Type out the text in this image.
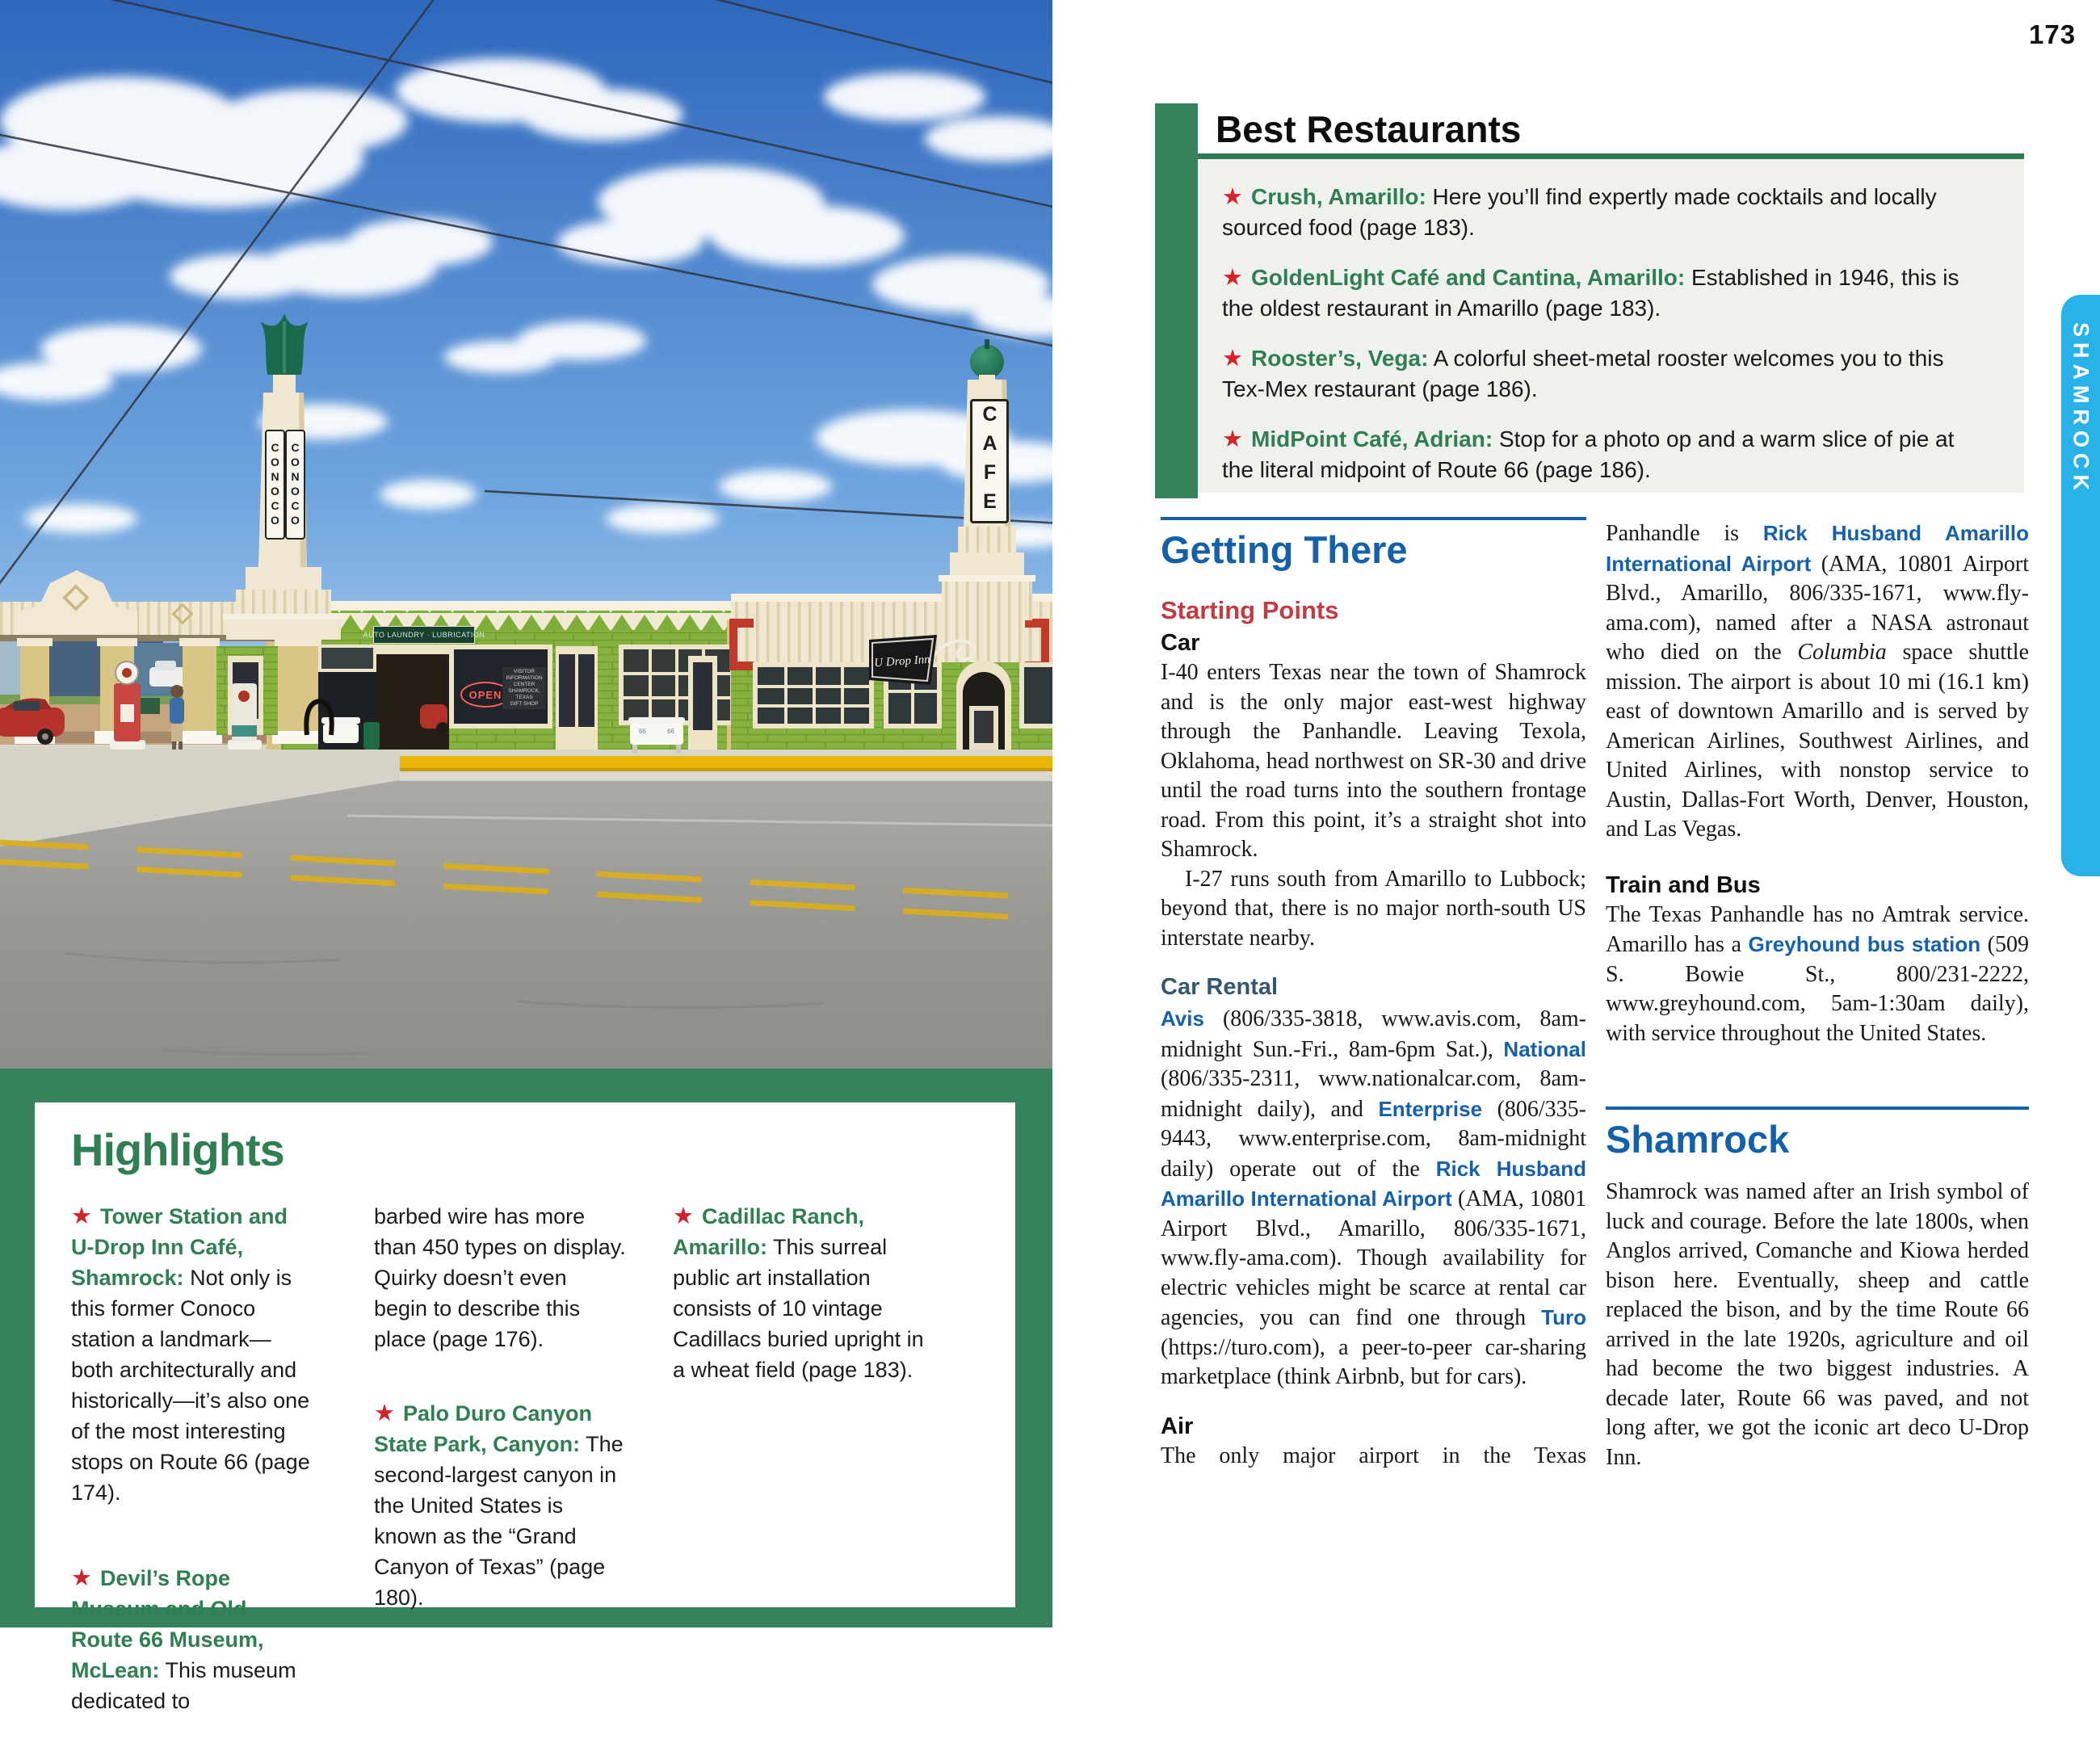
CONOCO CONOCO	CAFE
U Drop Inn
OPEN
AUTO LAUNDRY · LUBRICATION
VISITOR
INFORMATION CENTER
SHAMROCK, TEXAS
GIFT SHOP
66	66
Highlights

★ Tower Station and U-Drop Inn Café, Shamrock: Not only is this former Conoco station a landmark—both architecturally and historically—it’s also one of the most interesting stops on Route 66 (page 174).

★ Devil’s Rope Museum and Old Route 66 Museum, McLean: This museum dedicated to

barbed wire has more than 450 types on display. Quirky doesn’t even begin to describe this place (page 176).

★ Palo Duro Canyon State Park, Canyon: The second-largest canyon in the United States is known as the “Grand Canyon of Texas” (page 180).

★ Cadillac Ranch, Amarillo: This surreal public art installation consists of 10 vintage Cadillacs buried upright in a wheat field (page 183).

173
SHAMROCK
Best Restaurants

★ Crush, Amarillo: Here you’ll find expertly made cocktails and locally sourced food (page 183).

★ GoldenLight Café and Cantina, Amarillo: Established in 1946, this is the oldest restaurant in Amarillo (page 183).

★ Rooster’s, Vega: A colorful sheet-metal rooster welcomes you to this Tex-Mex restaurant (page 186).

★ MidPoint Café, Adrian: Stop for a photo op and a warm slice of pie at the literal midpoint of Route 66 (page 186).

Getting There
Starting Points
Car

I-40 enters Texas near the town of Shamrock and is the only major east-west highway through the Panhandle. Leaving Texola, Oklahoma, head northwest on SR-30 and drive until the road turns into the southern frontage road. From this point, it’s a straight shot into Shamrock.

I-27 runs south from Amarillo to Lubbock; beyond that, there is no major north-south US interstate nearby.

Car Rental

Avis (806/335-3818, www.avis.com, 8am-midnight Sun.-Fri., 8am-6pm Sat.), National (806/335-2311, www.nationalcar.com, 8am-midnight daily), and Enterprise (806/335-9443, www.enterprise.com, 8am-midnight daily) operate out of the Rick Husband Amarillo International Airport (AMA, 10801 Airport Blvd., Amarillo, 806/335-1671, www.fly-ama.com). Though availability for electric vehicles might be scarce at rental car agencies, you can find one through Turo (https://turo.com), a peer-to-peer car-sharing marketplace (think Airbnb, but for cars).

Air

The only major airport in the Texas

Panhandle is Rick Husband Amarillo International Airport (AMA, 10801 Airport Blvd., Amarillo, 806/335-1671, www.fly-ama.com), named after a NASA astronaut who died on the Columbia space shuttle mission. The airport is about 10 mi (16.1 km) east of downtown Amarillo and is served by American Airlines, Southwest Airlines, and United Airlines, with nonstop service to Austin, Dallas-Fort Worth, Denver, Houston, and Las Vegas.

Train and Bus

The Texas Panhandle has no Amtrak service. Amarillo has a Greyhound bus station (509 S. Bowie St., 800/231-2222, www.greyhound.com, 5am-1:30am daily), with service throughout the United States.

Shamrock

Shamrock was named after an Irish symbol of luck and courage. Before the late 1800s, when Anglos arrived, Comanche and Kiowa herded bison here. Eventually, sheep and cattle replaced the bison, and by the time Route 66 arrived in the late 1920s, agriculture and oil had become the two biggest industries. A decade later, Route 66 was paved, and not long after, we got the iconic art deco U-Drop Inn.
